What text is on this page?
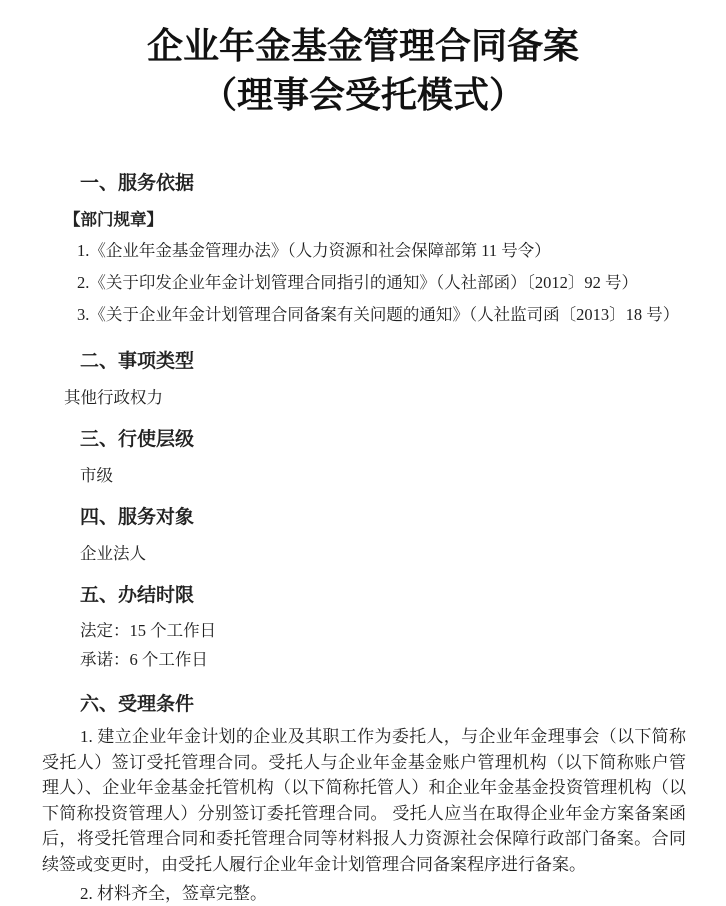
企业年金基金管理合同备案
（理事会受托模式）
一、服务依据
【部门规章】
1.《企业年金基金管理办法》（人力资源和社会保障部第 11 号令）
2.《关于印发企业年金计划管理合同指引的通知》（人社部函）〔2012〕92 号）
3.《关于企业年金计划管理合同备案有关问题的通知》（人社监司函〔2013〕18 号）
二、事项类型
其他行政权力
三、行使层级
市级
四、服务对象
企业法人
五、办结时限
法定：15 个工作日
承诺：6 个工作日
六、受理条件

1. 建立企业年金计划的企业及其职工作为委托人，与企业年金理事会（以下简称受托人）签订受托管理合同。受托人与企业年金基金账户管理机构（以下简称账户管理人）、企业年金基金托管机构（以下简称托管人）和企业年金基金投资管理机构（以下简称投资管理人）分别签订委托管理合同。 受托人应当在取得企业年金方案备案函后，将受托管理合同和委托管理合同等材料报人力资源社会保障行政部门备案。合同续签或变更时，由受托人履行企业年金计划管理合同备案程序进行备案。

2. 材料齐全，签章完整。
